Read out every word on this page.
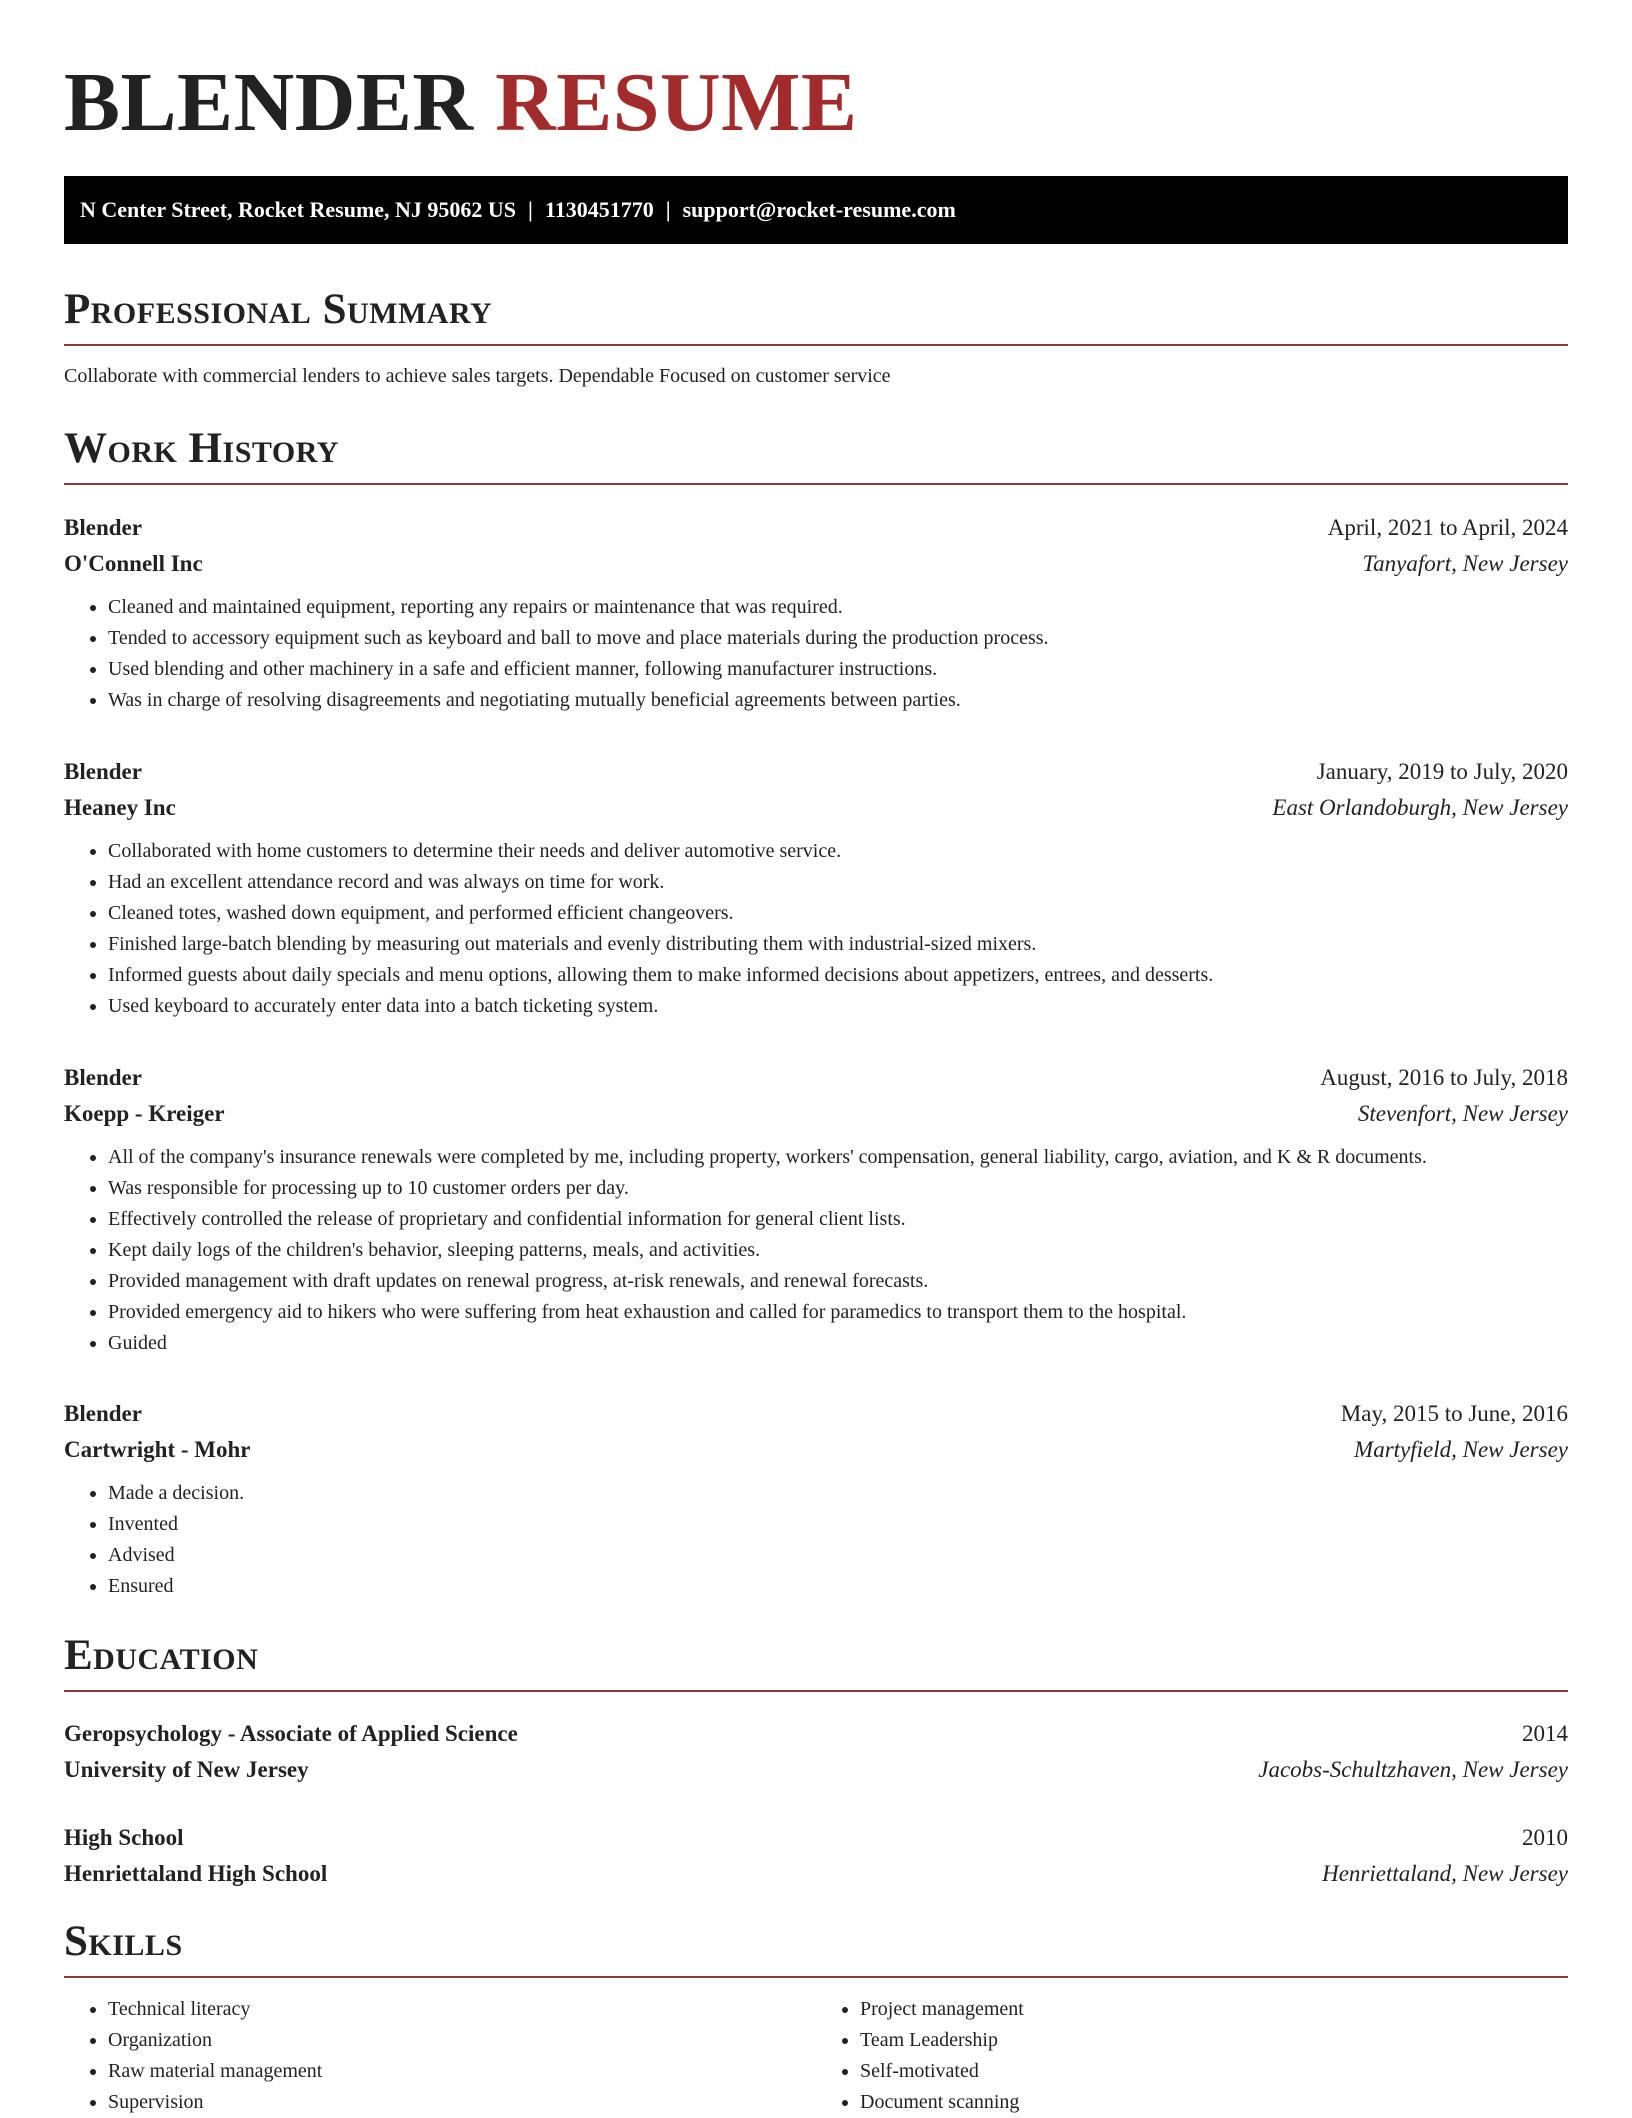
BLENDER RESUME
N Center Street, Rocket Resume, NJ 95062 US | 1130451770 | support@rocket-resume.com
Professional Summary

Collaborate with commercial lenders to achieve sales targets. Dependable Focused on customer service

Work History
Blender	April, 2021 to April, 2024
O'Connell Inc	Tanyafort, New Jersey
• Cleaned and maintained equipment, reporting any repairs or maintenance that was required.
• Tended to accessory equipment such as keyboard and ball to move and place materials during the production process.
• Used blending and other machinery in a safe and efficient manner, following manufacturer instructions.
• Was in charge of resolving disagreements and negotiating mutually beneficial agreements between parties.
Blender	January, 2019 to July, 2020
Heaney Inc	East Orlandoburgh, New Jersey
• Collaborated with home customers to determine their needs and deliver automotive service.
• Had an excellent attendance record and was always on time for work.
• Cleaned totes, washed down equipment, and performed efficient changeovers.
• Finished large-batch blending by measuring out materials and evenly distributing them with industrial-sized mixers.
• Informed guests about daily specials and menu options, allowing them to make informed decisions about appetizers, entrees, and desserts.
• Used keyboard to accurately enter data into a batch ticketing system.
Blender	August, 2016 to July, 2018
Koepp - Kreiger	Stevenfort, New Jersey
• All of the company's insurance renewals were completed by me, including property, workers' compensation, general liability, cargo, aviation, and K & R documents.
• Was responsible for processing up to 10 customer orders per day.
• Effectively controlled the release of proprietary and confidential information for general client lists.
• Kept daily logs of the children's behavior, sleeping patterns, meals, and activities.
• Provided management with draft updates on renewal progress, at-risk renewals, and renewal forecasts.
• Provided emergency aid to hikers who were suffering from heat exhaustion and called for paramedics to transport them to the hospital.
• Guided
Blender	May, 2015 to June, 2016
Cartwright - Mohr	Martyfield, New Jersey
• Made a decision.
• Invented
• Advised
• Ensured
Education
Geropsychology - Associate of Applied Science	2014
University of New Jersey	Jacobs-Schultzhaven, New Jersey
High School	2010
Henriettaland High School	Henriettaland, New Jersey
Skills
• Technical literacy
• Organization
• Raw material management
• Supervision
• Project management
• Team Leadership
• Self-motivated
• Document scanning
